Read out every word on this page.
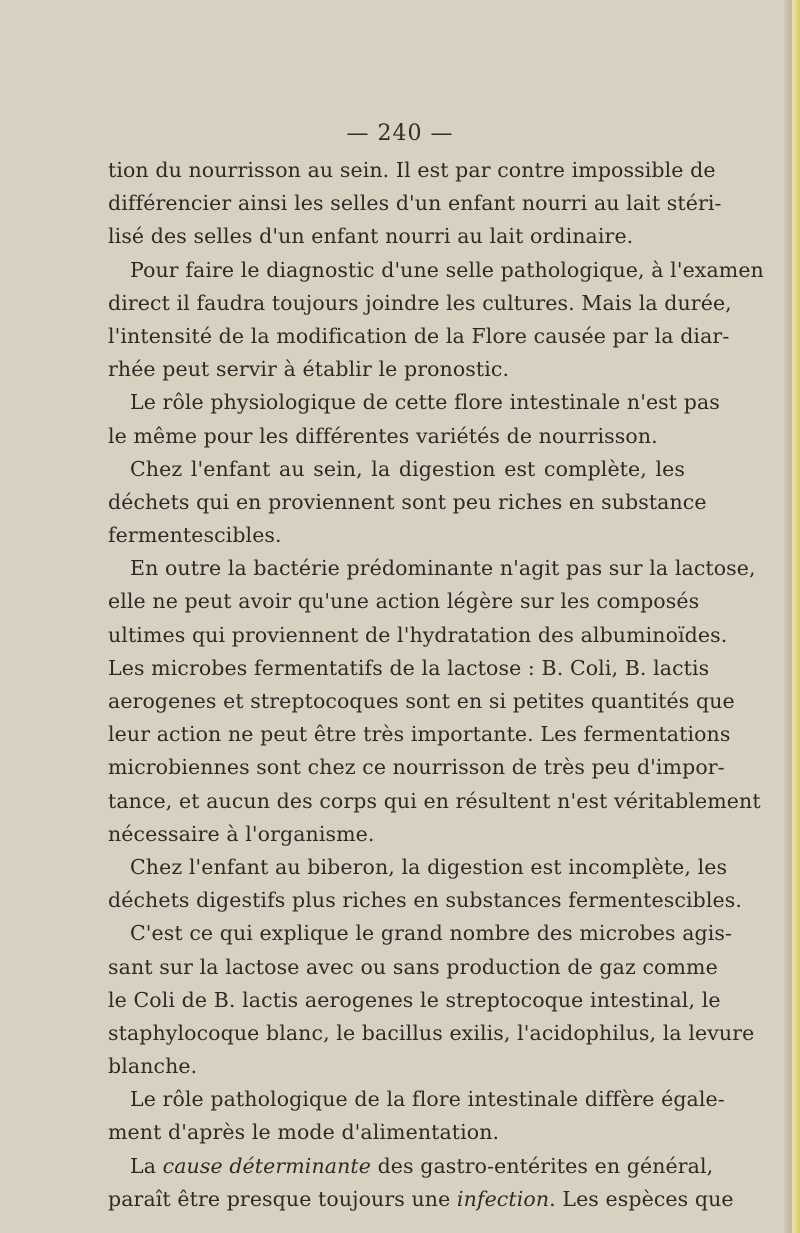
— 240 —
tion du nourrisson au sein. Il est par contre impossible de
différencier ainsi les selles d'un enfant nourri au lait stéri-
lisé des selles d'un enfant nourri au lait ordinaire.
Pour faire le diagnostic d'une selle pathologique, à l'examen
direct il faudra toujours joindre les cultures. Mais la durée,
l'intensité de la modification de la Flore causée par la diar-
rhée peut servir à établir le pronostic.
Le rôle physiologique de cette flore intestinale n'est pas
le même pour les différentes variétés de nourrisson.
Chez l'enfant au sein, la digestion est complète, les
déchets qui en proviennent sont peu riches en substance
fermentescibles.
En outre la bactérie prédominante n'agit pas sur la lactose,
elle ne peut avoir qu'une action légère sur les composés
ultimes qui proviennent de l'hydratation des albuminoïdes.
Les microbes fermentatifs de la lactose : B. Coli, B. lactis
aerogenes et streptocoques sont en si petites quantités que
leur action ne peut être très importante. Les fermentations
microbiennes sont chez ce nourrisson de très peu d'impor-
tance, et aucun des corps qui en résultent n'est véritablement
nécessaire à l'organisme.
Chez l'enfant au biberon, la digestion est incomplète, les
déchets digestifs plus riches en substances fermentescibles.
C'est ce qui explique le grand nombre des microbes agis-
sant sur la lactose avec ou sans production de gaz comme
le Coli de B. lactis aerogenes le streptocoque intestinal, le
staphylocoque blanc, le bacillus exilis, l'acidophilus, la levure
blanche.
Le rôle pathologique de la flore intestinale diffère égale-
ment d'après le mode d'alimentation.
La cause déterminante des gastro-entérites en général,
paraît être presque toujours une infection. Les espèces que
